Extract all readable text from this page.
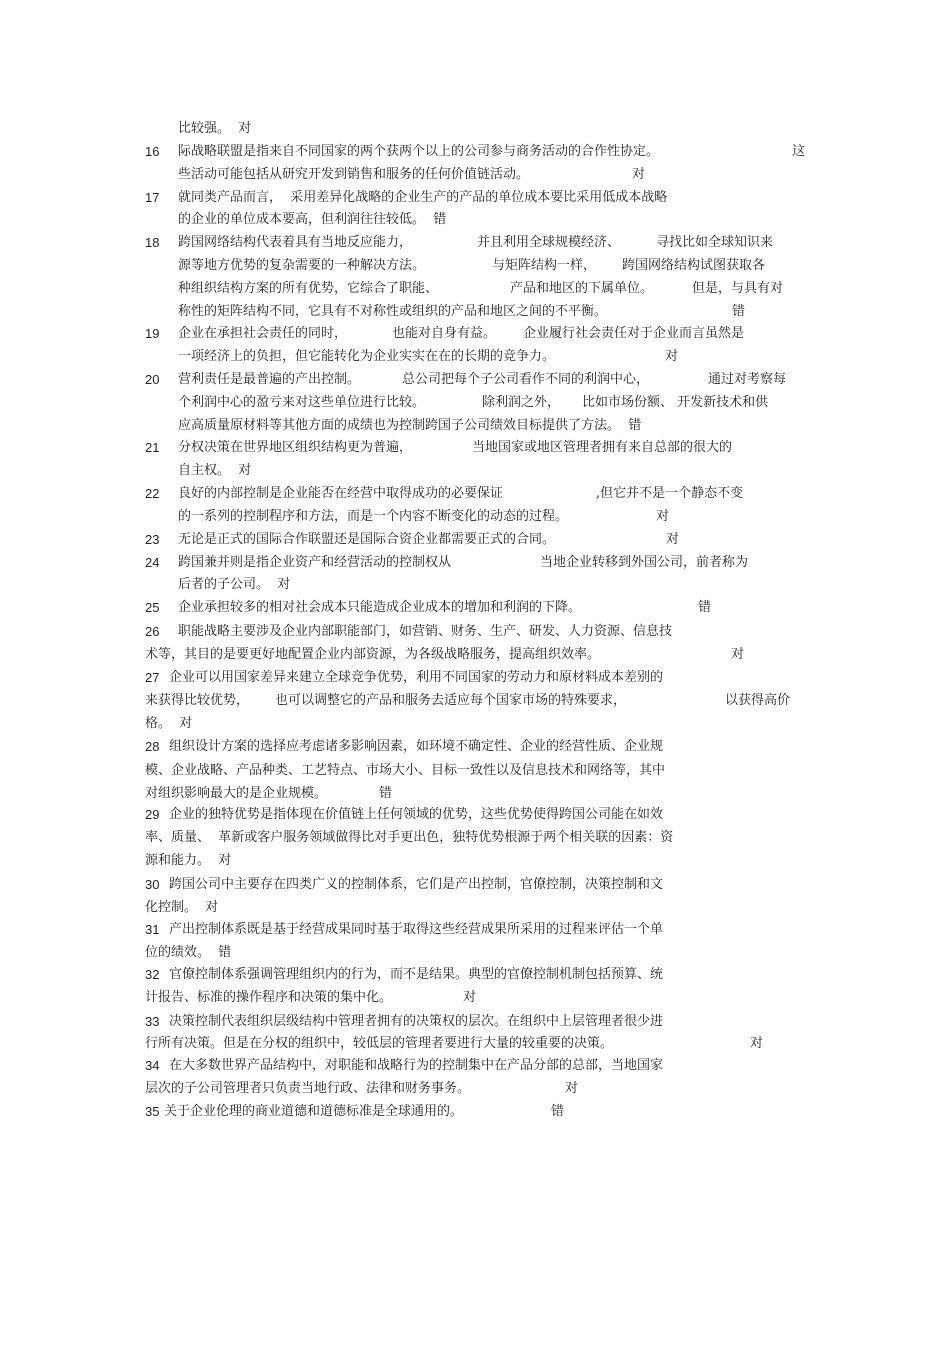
比较强。  对
16 际战略联盟是指来自不同国家的两个获两个以上的公司参与商务活动的合作性协定。	这
些活动可能包括从研究开发到销售和服务的任何价值链活动。	对
17 就同类产品而言，  采用差异化战略的企业生产的产品的单位成本要比采用低成本战略
的企业的单位成本要高，但利润往往较低。  错
18 跨国网络结构代表着具有当地反应能力，	并且利用全球规模经济、	寻找比如全球知识来
源等地方优势的复杂需要的一种解决方法。	与矩阵结构一样， 跨国网络结构试图获取各
种组织结构方案的所有优势，它综合了职能、	产品和地区的下属单位。	但是，与具有对
称性的矩阵结构不同，它具有不对称性或组织的产品和地区之间的不平衡。	错
19 企业在承担社会责任的同时，	也能对自身有益。 企业履行社会责任对于企业而言虽然是
一项经济上的负担，但它能转化为企业实实在在的长期的竞争力。	对
20 营利责任是最普遍的产出控制。	总公司把每个子公司看作不同的利润中心，	通过对考察每
个利润中心的盈亏来对这些单位进行比较。	除利润之外， 比如市场份额、 开发新技术和供
应高质量原材料等其他方面的成绩也为控制跨国子公司绩效目标提供了方法。  错
21 分权决策在世界地区组织结构更为普遍，	当地国家或地区管理者拥有来自总部的很大的
自主权。  对
22 良好的内部控制是企业能否在经营中取得成功的必要保证	,但它并不是一个静态不变
的一系列的控制程序和方法，而是一个内容不断变化的动态的过程。	对
23 无论是正式的国际合作联盟还是国际合资企业都需要正式的合同。	对
24 跨国兼并则是指企业资产和经营活动的控制权从	当地企业转移到外国公司，前者称为
后者的子公司。  对
25 企业承担较多的相对社会成本只能造成企业成本的增加和利润的下降。	错
26 职能战略主要涉及企业内部职能部门，如营销、财务、生产、研发、人力资源、信息技
术等，其目的是要更好地配置企业内部资源，为各级战略服务，提高组织效率。	对
27 企业可以用国家差异来建立全球竞争优势，利用不同国家的劳动力和原材料成本差别的
来获得比较优势， 也可以调整它的产品和服务去适应每个国家市场的特殊要求，	以获得高价
格。  对
28 组织设计方案的选择应考虑诸多影响因素，如环境不确定性、企业的经营性质、企业规
模、企业战略、产品种类、工艺特点、市场大小、目标一致性以及信息技术和网络等，其中
对组织影响最大的是企业规模。	错
29 企业的独特优势是指体现在价值链上任何领域的优势，这些优势使得跨国公司能在如效
率、质量、  革新或客户服务领域做得比对手更出色，独特优势根源于两个相关联的因素：资
源和能力。  对
30 跨国公司中主要存在四类广义的控制体系，它们是产出控制，官僚控制，决策控制和文
化控制。  对
31 产出控制体系既是基于经营成果同时基于取得这些经营成果所采用的过程来评估一个单
位的绩效。  错
32 官僚控制体系强调管理组织内的行为，而不是结果。典型的官僚控制机制包括预算、统
计报告、标准的操作程序和决策的集中化。	对
33 决策控制代表组织层级结构中管理者拥有的决策权的层次。在组织中上层管理者很少进
行所有决策。但是在分权的组织中，较低层的管理者要进行大量的较重要的决策。	对
34 在大多数世界产品结构中，对职能和战略行为的控制集中在产品分部的总部，当地国家
层次的子公司管理者只负责当地行政、法律和财务事务。	对
35 关于企业伦理的商业道德和道德标准是全球通用的。	错
